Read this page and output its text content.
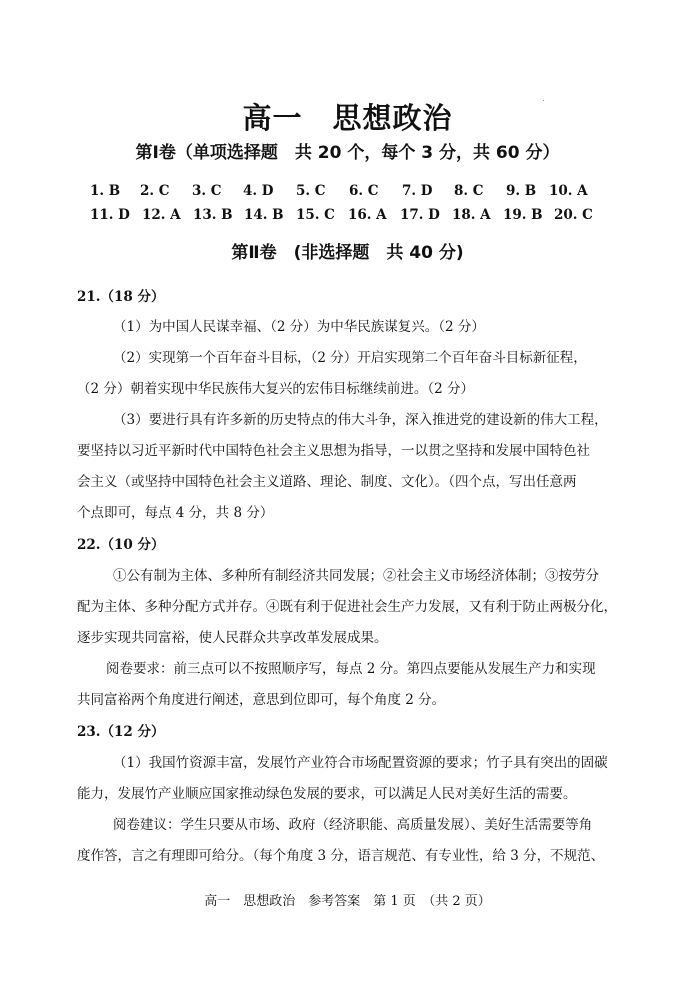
高一　思想政治
第Ⅰ卷（单项选择题　共 20 个，每个 3 分，共 60 分）
1. B 2. C 3. C 4. D 5. C 6. C 7. D 8. C 9. B 10. A
11. D 12. A 13. B 14. B 15. C 16. A 17. D 18. A 19. B 20. C
第Ⅱ卷　(非选择题　共 40 分)
21.（18 分）
（1）为中国人民谋幸福、（2 分）为中华民族谋复兴。（2 分）
（2）实现第一个百年奋斗目标，（2 分）开启实现第二个百年奋斗目标新征程，
（2 分）朝着实现中华民族伟大复兴的宏伟目标继续前进。（2 分）
（3）要进行具有许多新的历史特点的伟大斗争，深入推进党的建设新的伟大工程，
要坚持以习近平新时代中国特色社会主义思想为指导，一以贯之坚持和发展中国特色社
会主义（或坚持中国特色社会主义道路、理论、制度、文化）。（四个点，写出任意两
个点即可，每点 4 分，共 8 分）
22.（10 分）
①公有制为主体、多种所有制经济共同发展；②社会主义市场经济体制；③按劳分
配为主体、多种分配方式并存。④既有利于促进社会生产力发展，又有利于防止两极分化，
逐步实现共同富裕，使人民群众共享改革发展成果。
阅卷要求：前三点可以不按照顺序写，每点 2 分。第四点要能从发展生产力和实现
共同富裕两个角度进行阐述，意思到位即可，每个角度 2 分。
23.（12 分）
（1）我国竹资源丰富，发展竹产业符合市场配置资源的要求；竹子具有突出的固碳
能力，发展竹产业顺应国家推动绿色发展的要求，可以满足人民对美好生活的需要。
阅卷建议：学生只要从市场、政府（经济职能、高质量发展）、美好生活需要等角
度作答，言之有理即可给分。（每个角度 3 分，语言规范、有专业性，给 3 分，不规范、
高一　思想政治　参考答案　第 1 页　（共 2 页）
